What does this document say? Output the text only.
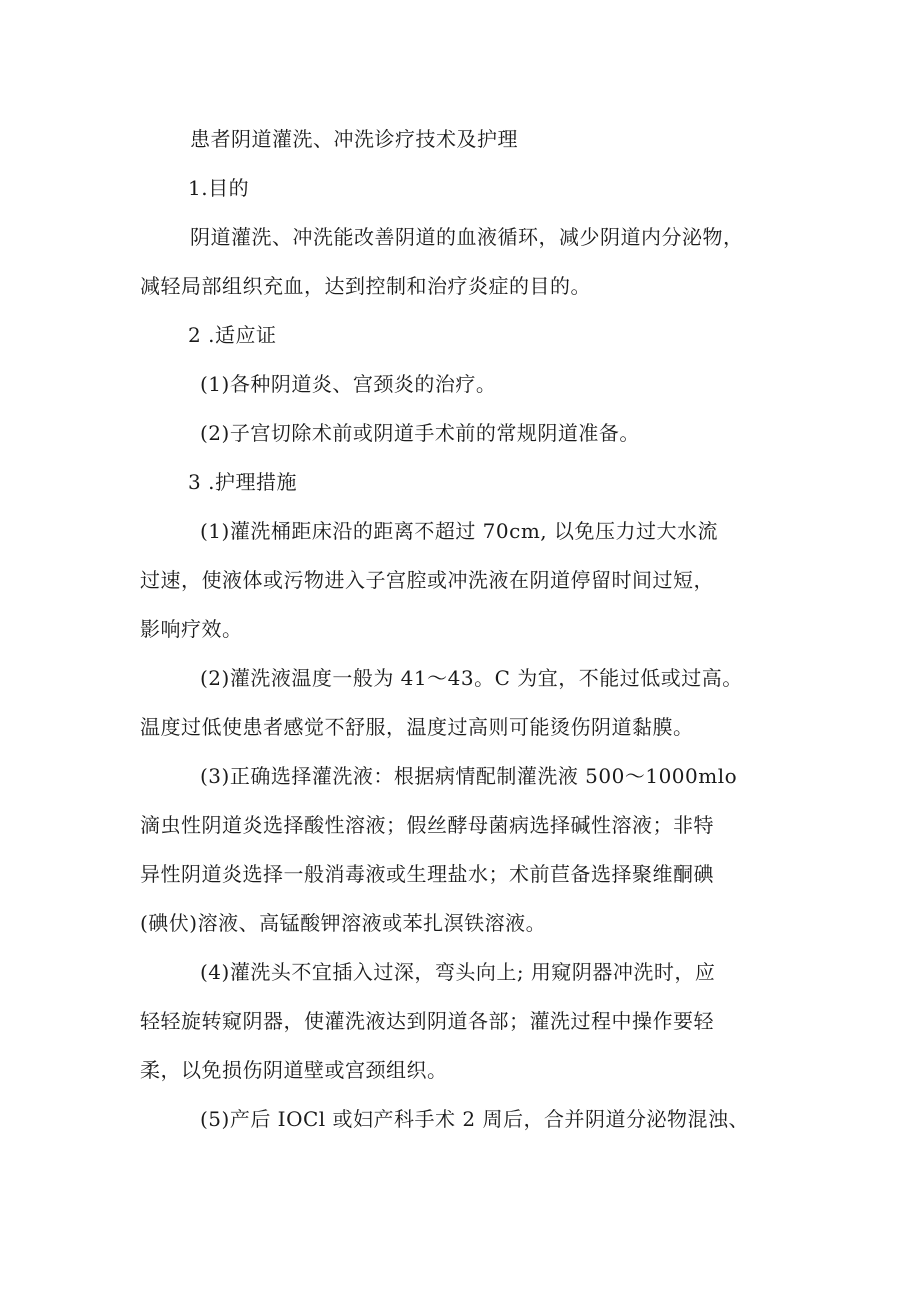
患者阴道灌洗、冲洗诊疗技术及护理
1.目的
阴道灌洗、冲洗能改善阴道的血液循环，减少阴道内分泌物，
减轻局部组织充血，达到控制和治疗炎症的目的。
2 .适应证
(1)各种阴道炎、宫颈炎的治疗。
(2)子宫切除术前或阴道手术前的常规阴道准备。
3 .护理措施
(1)灌洗桶距床沿的距离不超过 70cm, 以免压力过大水流
过速，使液体或污物进入子宫腔或冲洗液在阴道停留时间过短，
影响疗效。
(2)灌洗液温度一般为 41～43。C 为宜，不能过低或过高。
温度过低使患者感觉不舒服，温度过高则可能烫伤阴道黏膜。
(3)正确选择灌洗液：根据病情配制灌洗液 500～1000mlo
滴虫性阴道炎选择酸性溶液；假丝酵母菌病选择碱性溶液；非特
异性阴道炎选择一般消毒液或生理盐水；术前苣备选择聚维酮碘
(碘伏)溶液、高锰酸钾溶液或苯扎溟铁溶液。
(4)灌洗头不宜插入过深，弯头向上; 用窥阴器冲洗时，应
轻轻旋转窥阴器，使灌洗液达到阴道各部；灌洗过程中操作要轻
柔，以免损伤阴道壁或宫颈组织。
(5)产后 IOCl 或妇产科手术 2 周后，合并阴道分泌物混浊、
